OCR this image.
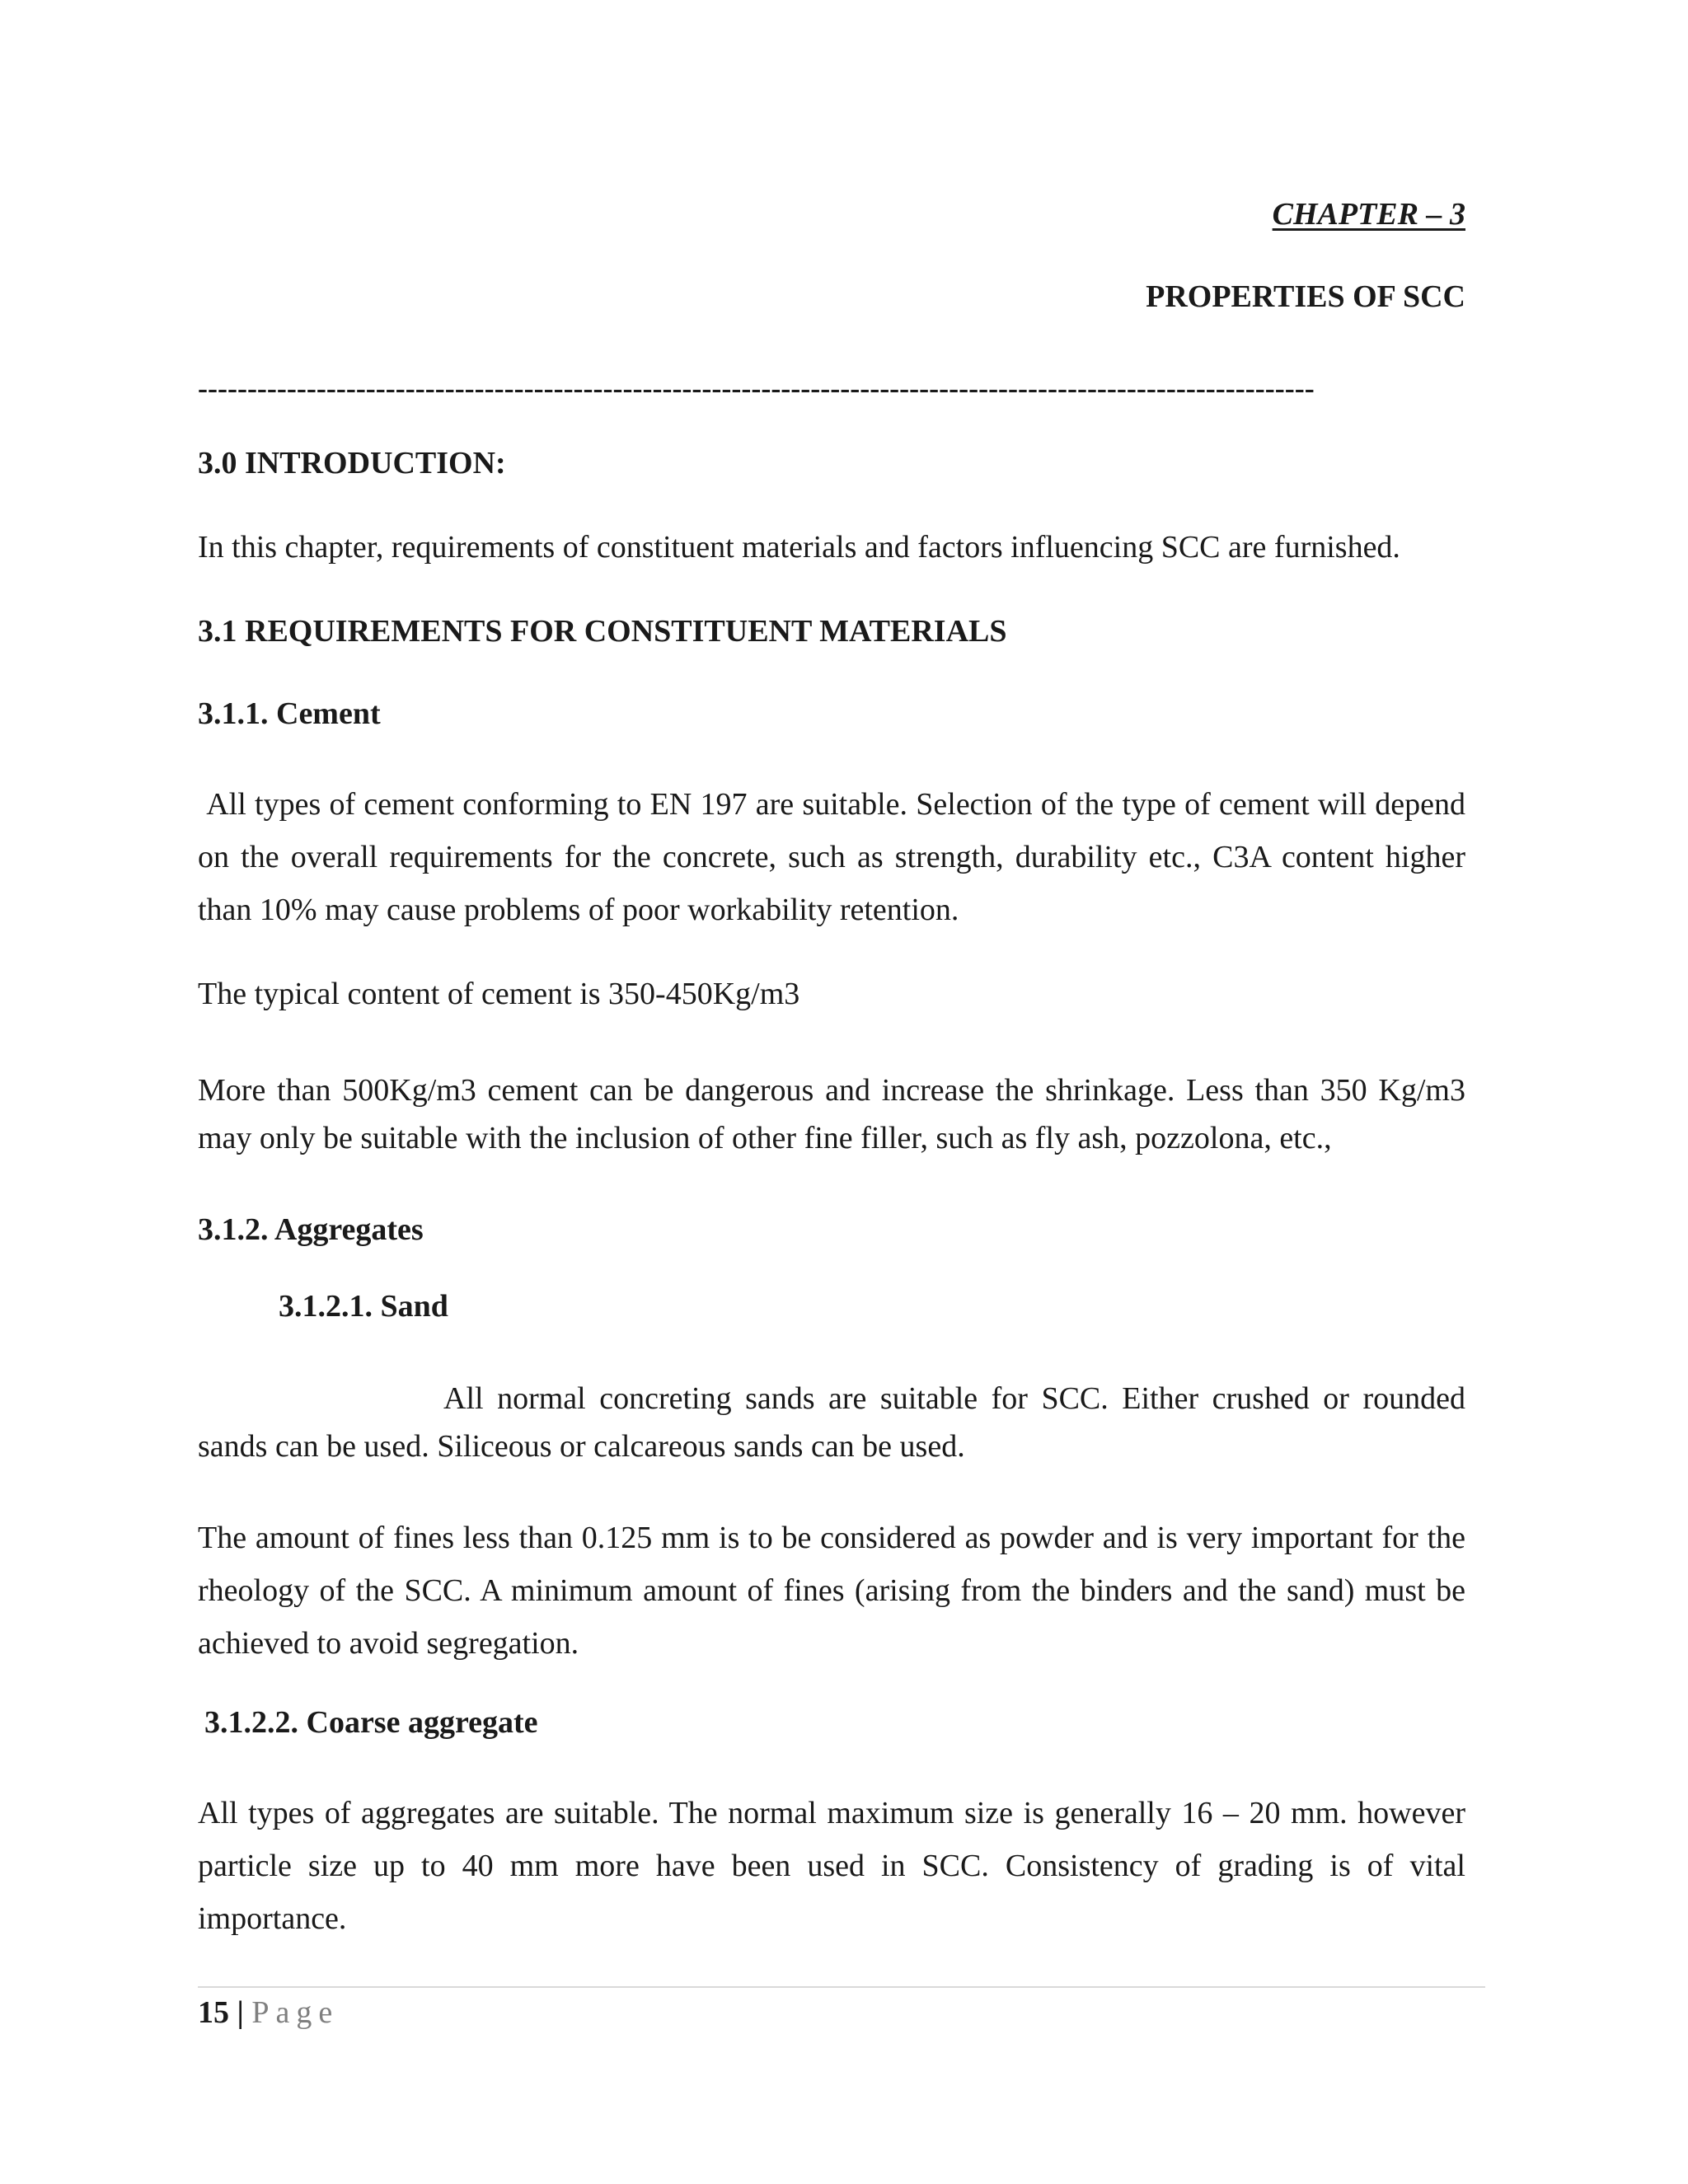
CHAPTER – 3

PROPERTIES OF SCC

-----------------------------------------------------------------------------------------------------------------

3.0 INTRODUCTION:

In this chapter, requirements of constituent materials and factors influencing SCC are furnished.

3.1 REQUIREMENTS FOR CONSTITUENT MATERIALS

3.1.1. Cement

All types of cement conforming to EN 197 are suitable. Selection of the type of cement will depend on the overall requirements for the concrete, such as strength, durability etc., C3A content higher than 10% may cause problems of poor workability retention.

The typical content of cement is 350-450Kg/m3

More than 500Kg/m3 cement can be dangerous and increase the shrinkage. Less than 350 Kg/m3 may only be suitable with the inclusion of other fine filler, such as fly ash, pozzolona, etc.,

3.1.2. Aggregates

3.1.2.1. Sand

All normal concreting sands are suitable for SCC. Either crushed or rounded sands can be used. Siliceous or calcareous sands can be used.

The amount of fines less than 0.125 mm is to be considered as powder and is very important for the rheology of the SCC. A minimum amount of fines (arising from the binders and the sand) must be achieved to avoid segregation.

3.1.2.2. Coarse aggregate

All types of aggregates are suitable. The normal maximum size is generally 16 – 20 mm. however particle size up to 40 mm more have been used in SCC. Consistency of grading is of vital importance.

15 | Page
